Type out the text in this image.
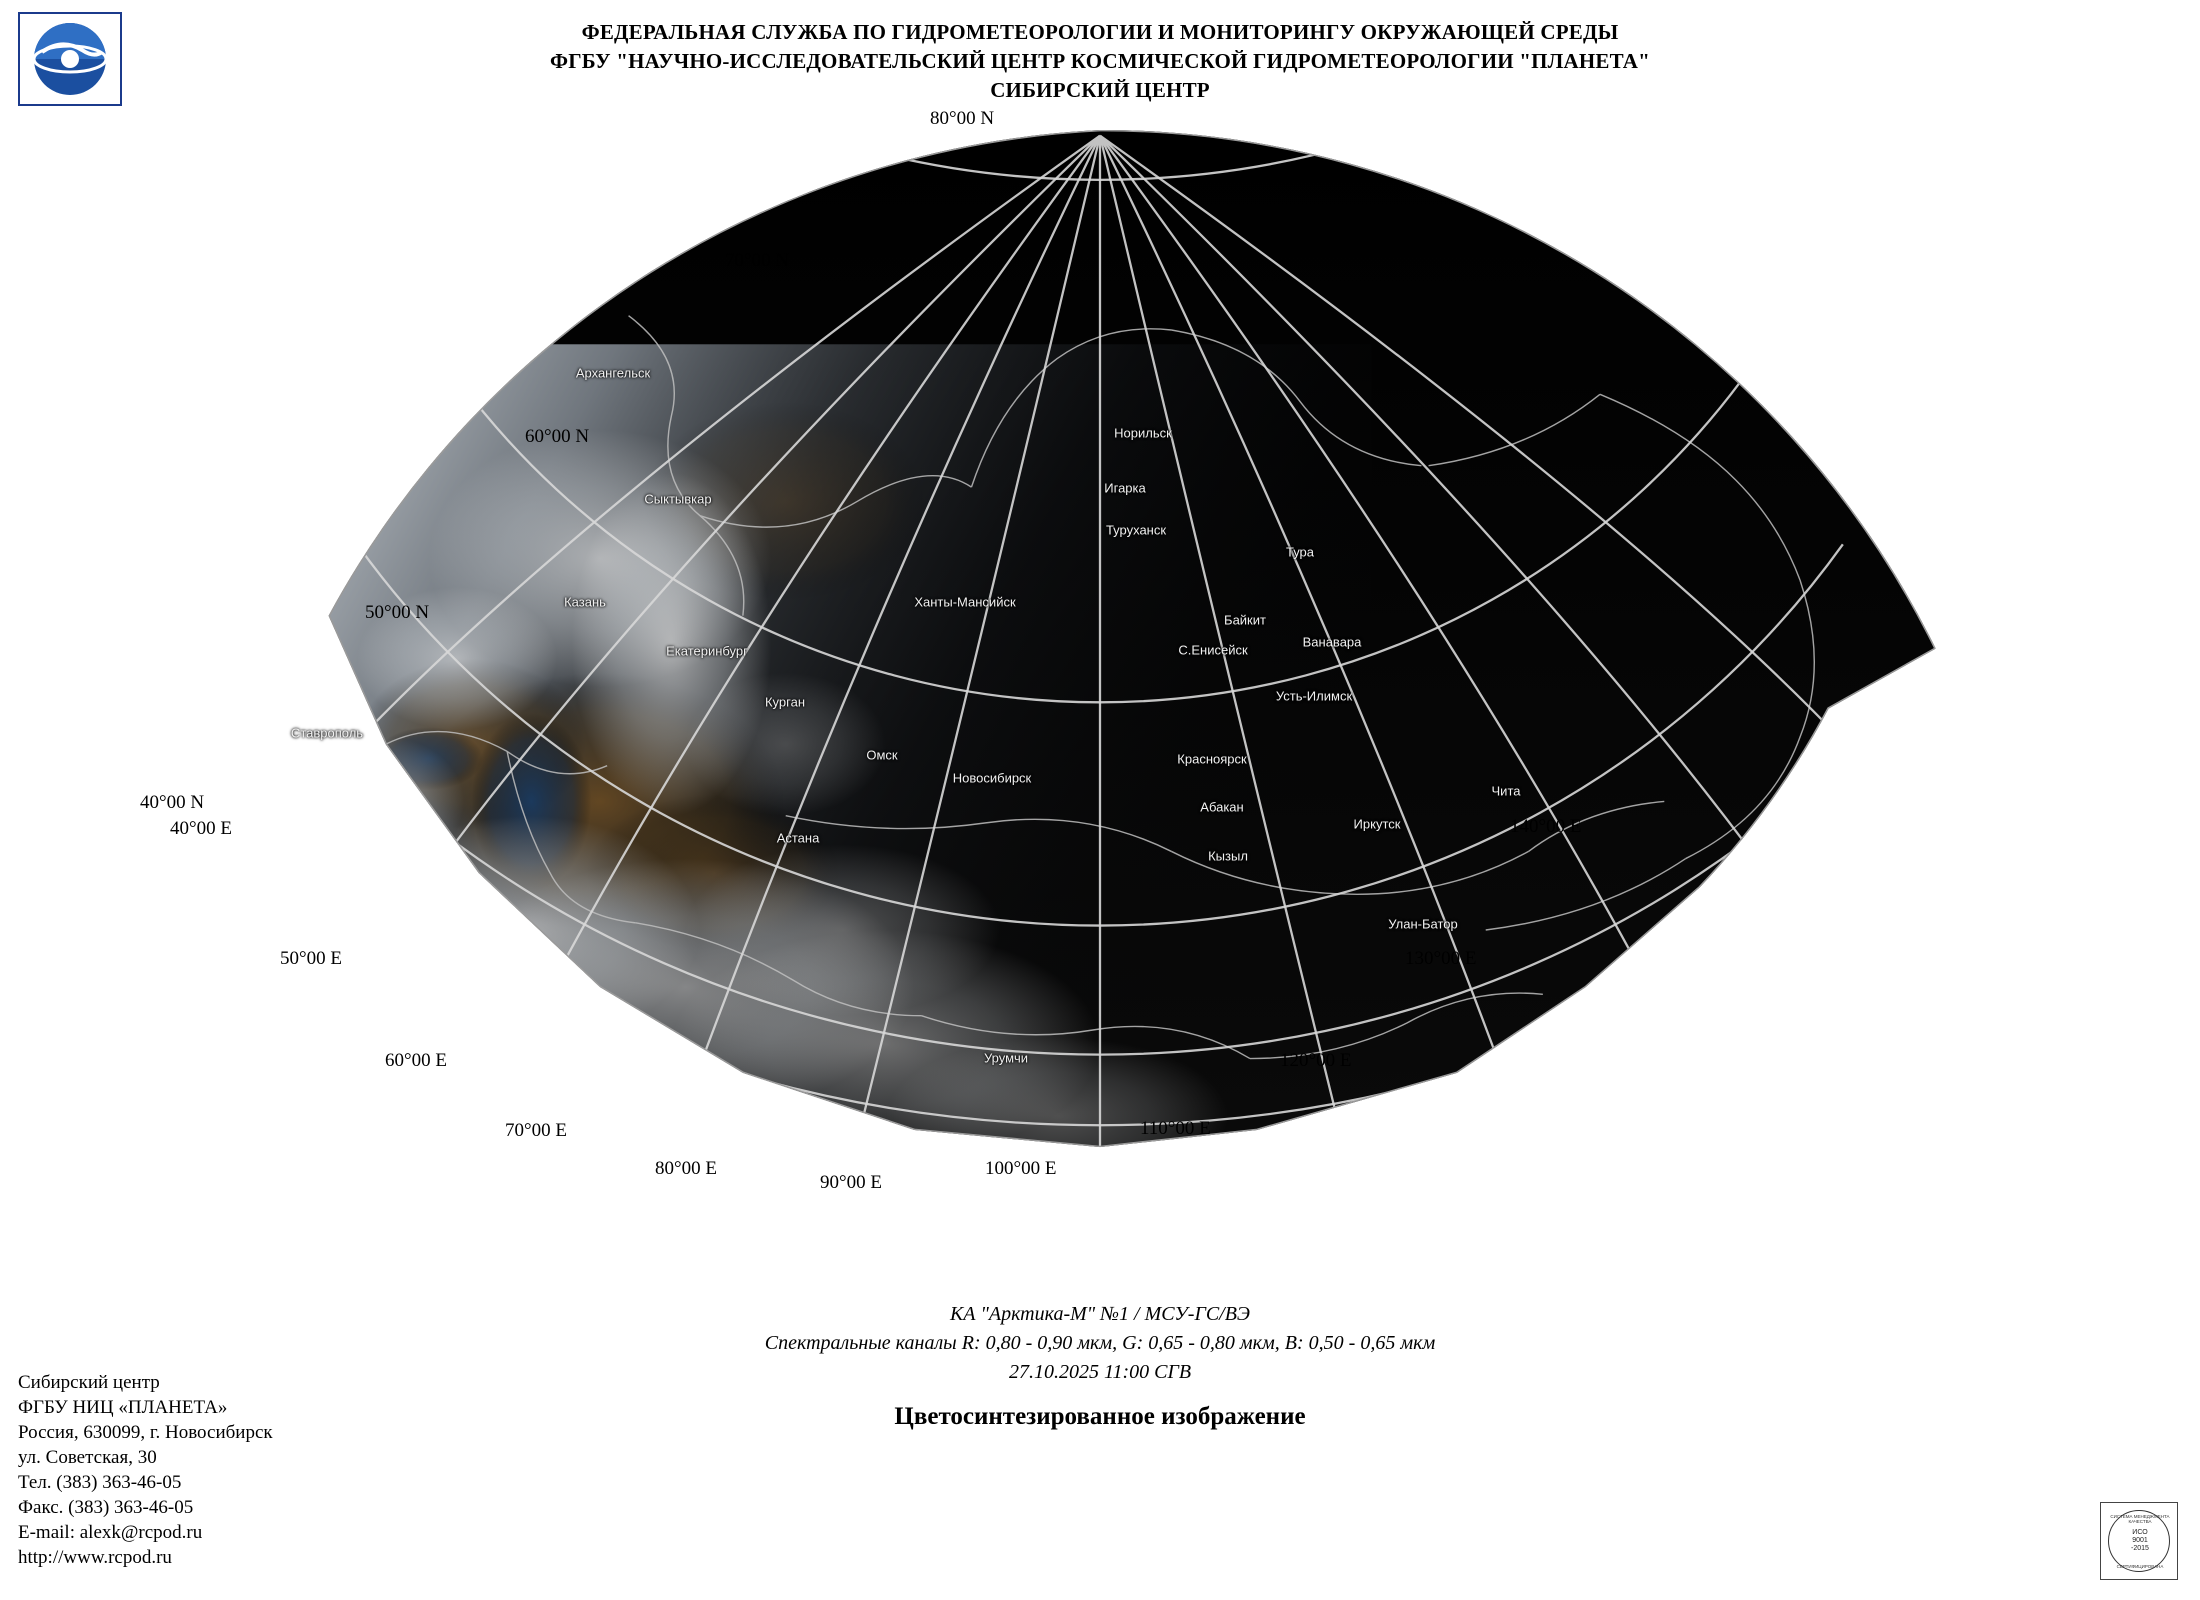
ФЕДЕРАЛЬНАЯ СЛУЖБА ПО ГИДРОМЕТЕОРОЛОГИИ И МОНИТОРИНГУ ОКРУЖАЮЩЕЙ СРЕДЫ
ФГБУ "НАУЧНО-ИССЛЕДОВАТЕЛЬСКИЙ ЦЕНТР КОСМИЧЕСКОЙ ГИДРОМЕТЕОРОЛОГИИ "ПЛАНЕТА"
СИБИРСКИЙ ЦЕНТР
80°00 N
70°00 N
60°00 N
50°00 N
40°00 N
40°00 E
50°00 E
60°00 E
70°00 E
80°00 E
90°00 E
100°00 E
110°00 E
120°00 E
130°00 E
140°00 E
Архангельск
Норильск
Игарка
Сыктывкар
Туруханск
Тура
Казань	Ханты-Мансийск
Байкит
Ванавара
Екатеринбург	С.Енисейск
Курган	Усть-Илимск
Ставрополь
Омск	Красноярск
Новосибирск
Чита
Абакан
Иркутск
Астана
Кызыл
Улан-Батор
Урумчи
КА "Арктика-М" №1 / МСУ-ГС/ВЭ
Спектральные каналы R: 0,80 - 0,90 мкм, G: 0,65 - 0,80 мкм, B: 0,50 - 0,65 мкм
27.10.2025 11:00 СГВ
Цветосинтезированное изображение
Сибирский центр
ФГБУ НИЦ «ПЛАНЕТА»
Россия, 630099, г. Новосибирск
ул. Советская, 30
Тел. (383) 363-46-05
Факс. (383) 363-46-05
E-mail: alexk@rcpod.ru
http://www.rcpod.ru
СИСТЕМА МЕНЕДЖМЕНТА КАЧЕСТВА
ИСО
9001
-2015
СЕРТИФИЦИРОВАНА
